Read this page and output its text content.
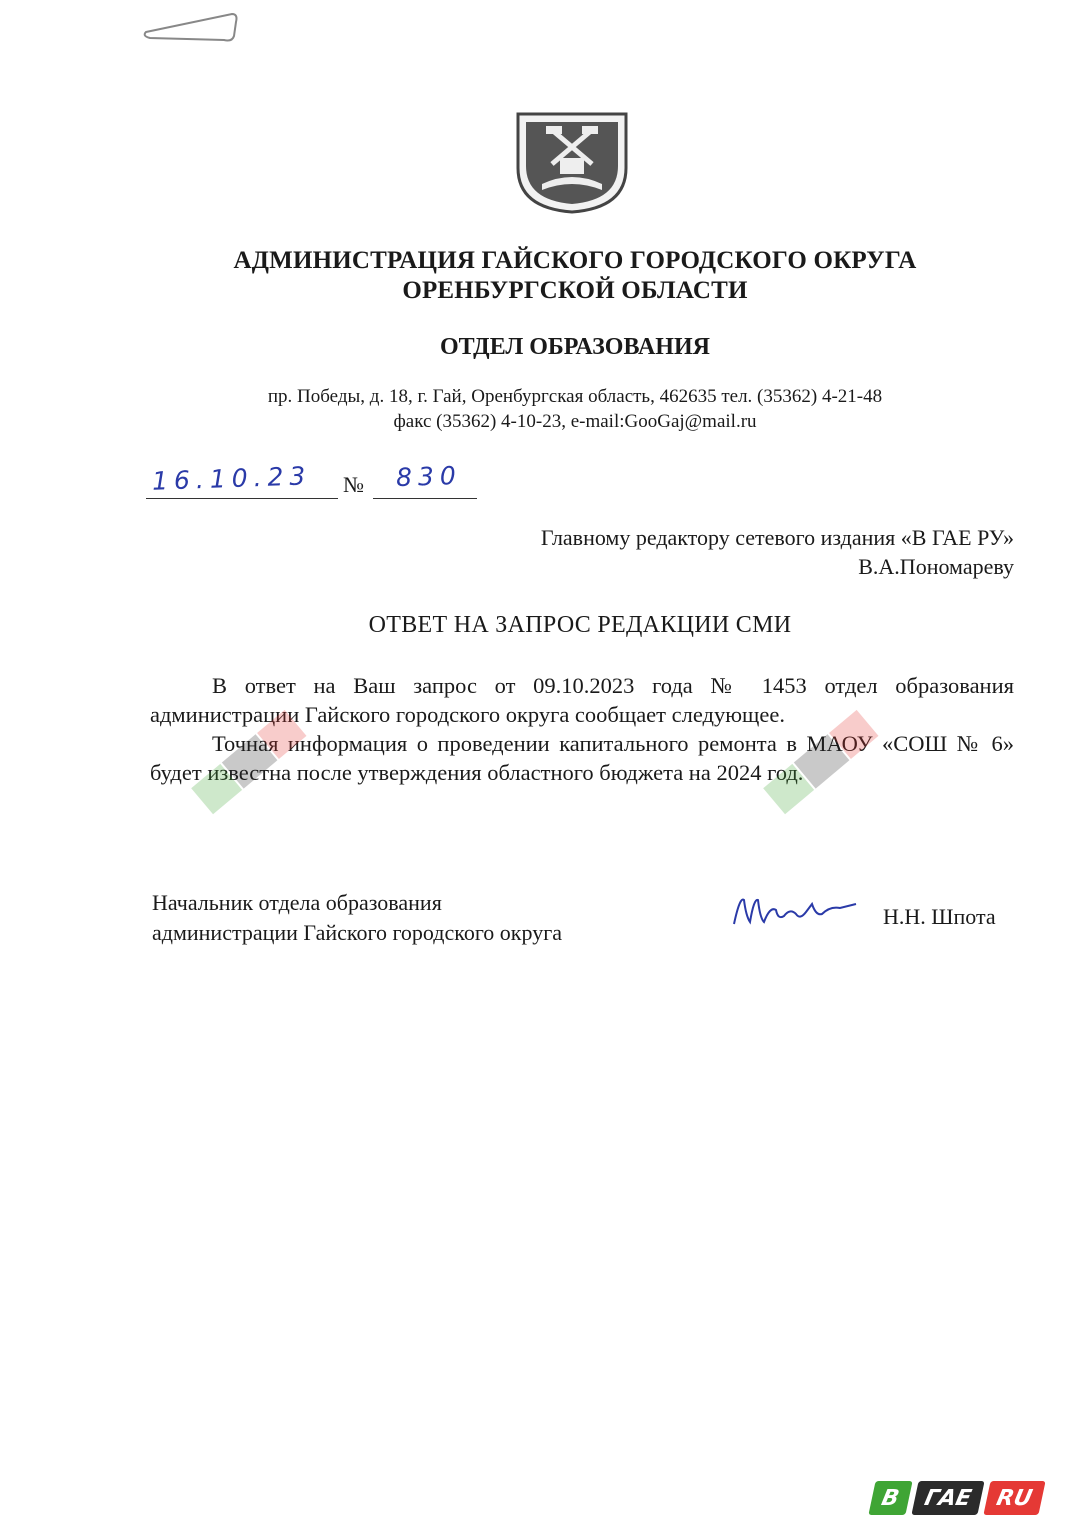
АДМИНИСТРАЦИЯ ГАЙСКОГО ГОРОДСКОГО ОКРУГА
ОРЕНБУРГСКОЙ ОБЛАСТИ
ОТДЕЛ ОБРАЗОВАНИЯ
пр. Победы, д. 18, г. Гай, Оренбургская область, 462635 тел. (35362) 4-21-48
факс (35362) 4-10-23, e-mail:GooGaj@mail.ru
16.10.23 № 830
Главному редактору сетевого издания «В ГАЕ РУ»
В.А.Пономареву
ОТВЕТ НА ЗАПРОС РЕДАКЦИИ СМИ
В ответ на Ваш запрос от 09.10.2023 года № 1453 отдел образования администрации Гайского городского округа сообщает следующее.
Точная информация о проведении капитального ремонта в МАОУ «СОШ № 6» будет известна после утверждения областного бюджета на 2024 год.
Начальник отдела образования
администрации Гайского городского округа
Н.Н. Шпота
В ГАЕ RU
